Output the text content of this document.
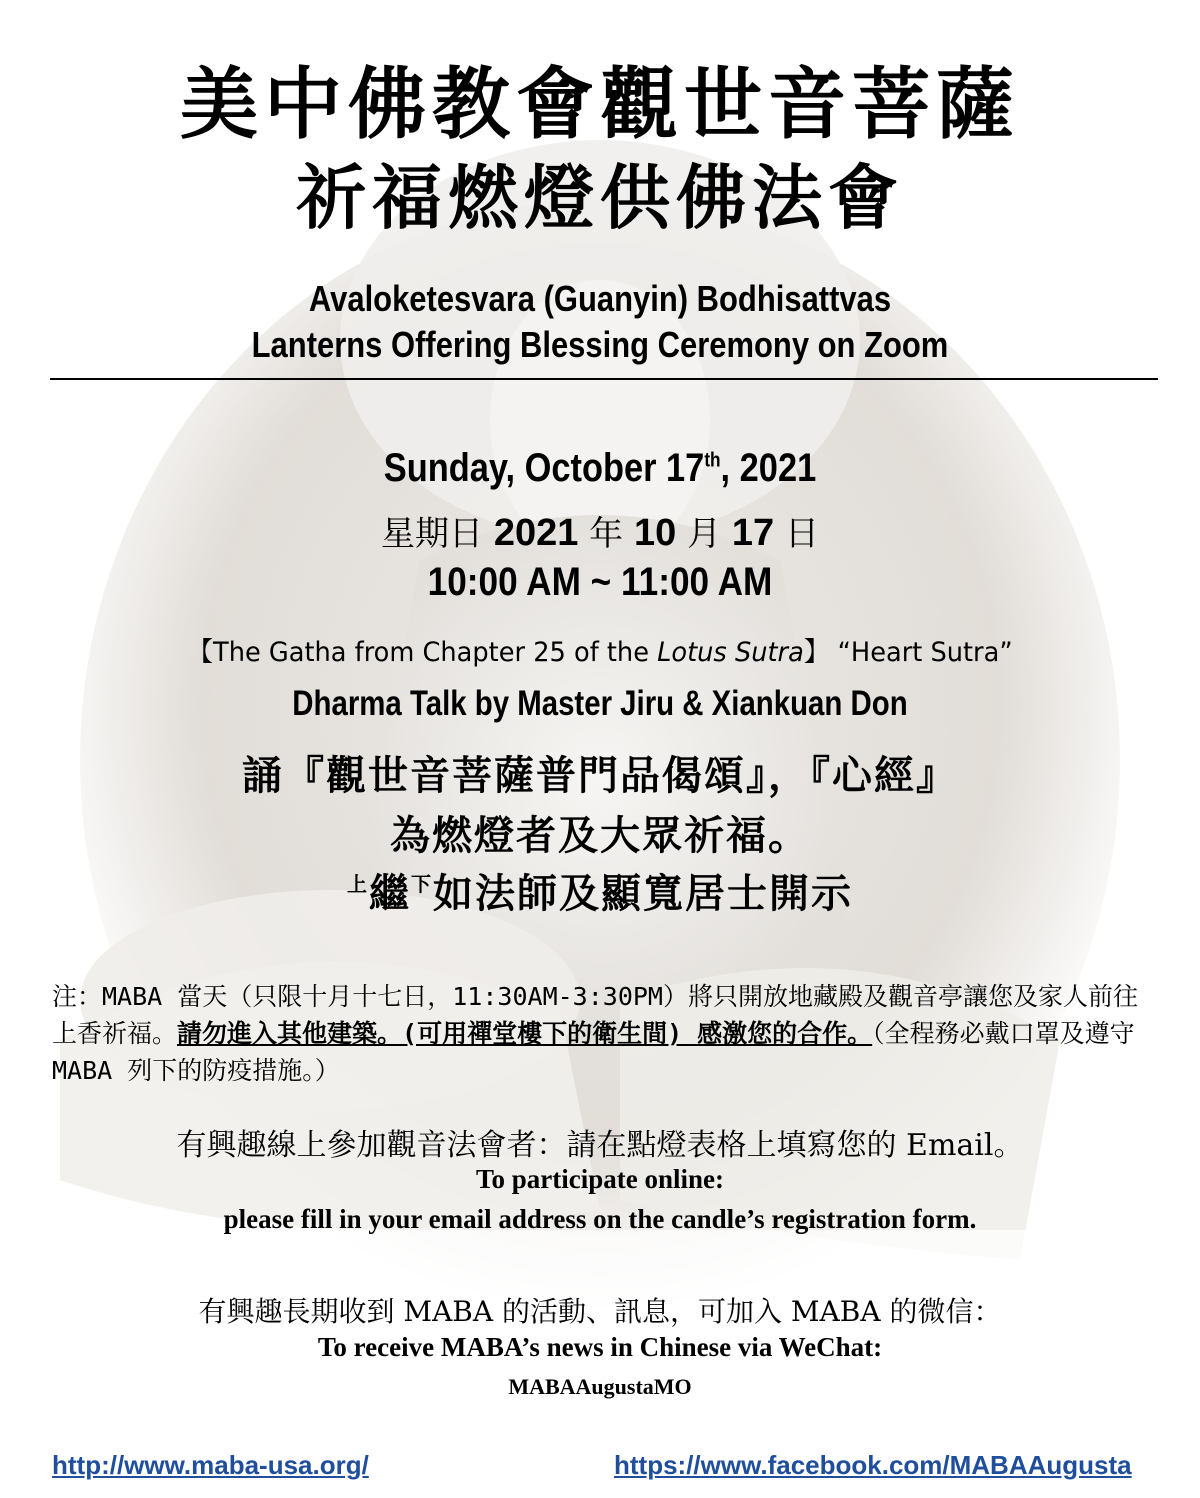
美中佛教會觀世音菩薩
祈福燃燈供佛法會
Avaloketesvara (Guanyin) Bodhisattvas
Lanterns Offering Blessing Ceremony on Zoom
Sunday, October 17th, 2021
星期日 2021 年 10 月 17 日
10:00 AM ~ 11:00 AM
【The Gatha from Chapter 25 of the Lotus Sutra】 “Heart Sutra”
Dharma Talk by Master Jiru & Xiankuan Don
誦『觀世音菩薩普門品偈頌』，『心經』
為燃燈者及大眾祈福。
$^上$繼$^下$如法師及顯寬居士開示
注：MABA 當天（只限十月十七日，11:30AM-3:30PM）將只開放地藏殿及觀音亭讓您及家人前往上香祈福。請勿進入其他建築。(可用禪堂樓下的衛生間) 感激您的合作。（全程務必戴口罩及遵守 MABA 列下的防疫措施。）
有興趣線上參加觀音法會者：請在點燈表格上填寫您的 Email。
To participate online:
please fill in your email address on the candle’s registration form.
有興趣長期收到 MABA 的活動、訊息，可加入 MABA 的微信：
To receive MABA’s news in Chinese via WeChat:
MABAAugustaMO
http://www.maba-usa.org/	https://www.facebook.com/MABAAugusta
